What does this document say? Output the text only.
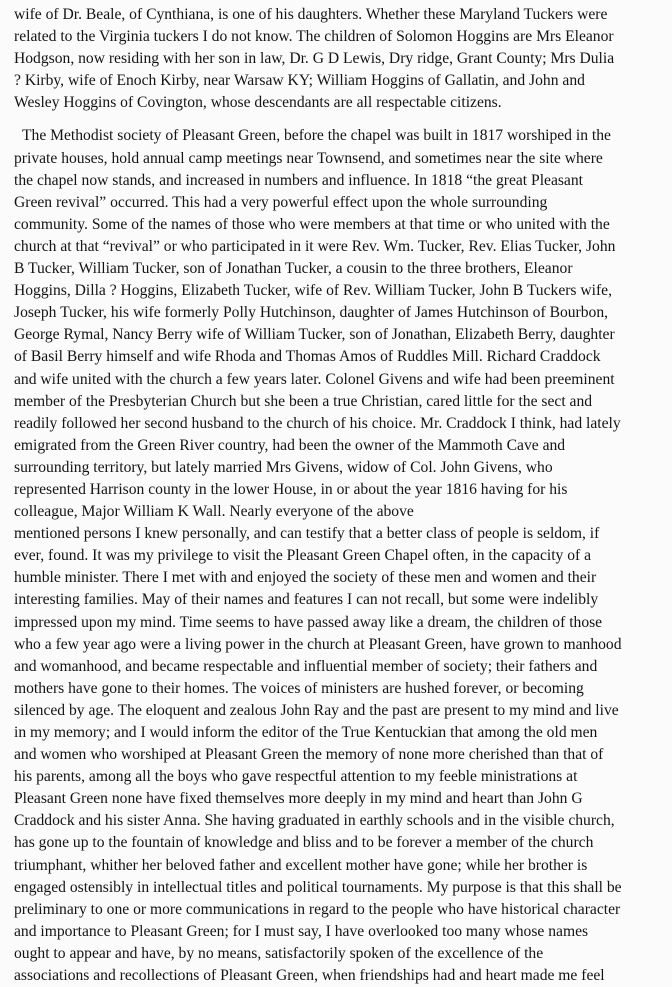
wife of Dr. Beale, of Cynthiana, is one of his daughters. Whether these Maryland Tuckers were
related to the Virginia tuckers I do not know. The children of Solomon Hoggins are Mrs Eleanor
Hodgson, now residing with her son in law, Dr. G D Lewis, Dry ridge, Grant County; Mrs Dulia
? Kirby, wife of Enoch Kirby, near Warsaw KY; William Hoggins of Gallatin, and John and
Wesley Hoggins of Covington, whose descendants are all respectable citizens.
The Methodist society of Pleasant Green, before the chapel was built in 1817 worshiped in the
private houses, hold annual camp meetings near Townsend, and sometimes near the site where
the chapel now stands, and increased in numbers and influence. In 1818 “the great Pleasant
Green revival” occurred. This had a very powerful effect upon the whole surrounding
community. Some of the names of those who were members at that time or who united with the
church at that “revival” or who participated in it were Rev. Wm. Tucker, Rev. Elias Tucker, John
B Tucker, William Tucker, son of Jonathan Tucker, a cousin to the three brothers, Eleanor
Hoggins, Dilla ? Hoggins, Elizabeth Tucker, wife of Rev. William Tucker, John B Tuckers wife,
Joseph Tucker, his wife formerly Polly Hutchinson, daughter of James Hutchinson of Bourbon,
George Rymal, Nancy Berry wife of William Tucker, son of Jonathan, Elizabeth Berry, daughter
of Basil Berry himself and wife Rhoda and Thomas Amos of Ruddles Mill. Richard Craddock
and wife united with the church a few years later. Colonel Givens and wife had been preeminent
member of the Presbyterian Church but she been a true Christian, cared little for the sect and
readily followed her second husband to the church of his choice. Mr. Craddock I think, had lately
emigrated from the Green River country, had been the owner of the Mammoth Cave and
surrounding territory, but lately married Mrs Givens, widow of Col. John Givens, who
represented Harrison county in the lower House, in or about the year 1816 having for his
colleague, Major William K Wall. Nearly everyone of the above
mentioned persons I knew personally, and can testify that a better class of people is seldom, if
ever, found. It was my privilege to visit the Pleasant Green Chapel often, in the capacity of a
humble minister. There I met with and enjoyed the society of these men and women and their
interesting families. May of their names and features I can not recall, but some were indelibly
impressed upon my mind. Time seems to have passed away like a dream, the children of those
who a few year ago were a living power in the church at Pleasant Green, have grown to manhood
and womanhood, and became respectable and influential member of society; their fathers and
mothers have gone to their homes. The voices of ministers are hushed forever, or becoming
silenced by age. The eloquent and zealous John Ray and the past are present to my mind and live
in my memory; and I would inform the editor of the True Kentuckian that among the old men
and women who worshiped at Pleasant Green the memory of none more cherished than that of
his parents, among all the boys who gave respectful attention to my feeble ministrations at
Pleasant Green none have fixed themselves more deeply in my mind and heart than John G
Craddock and his sister Anna. She having graduated in earthly schools and in the visible church,
has gone up to the fountain of knowledge and bliss and to be forever a member of the church
triumphant, whither her beloved father and excellent mother have gone; while her brother is
engaged ostensibly in intellectual titles and political tournaments. My purpose is that this shall be
preliminary to one or more communications in regard to the people who have historical character
and importance to Pleasant Green; for I must say, I have overlooked too many whose names
ought to appear and have, by no means, satisfactorily spoken of the excellence of the
associations and recollections of Pleasant Green, when friendships had and heart made me feel
